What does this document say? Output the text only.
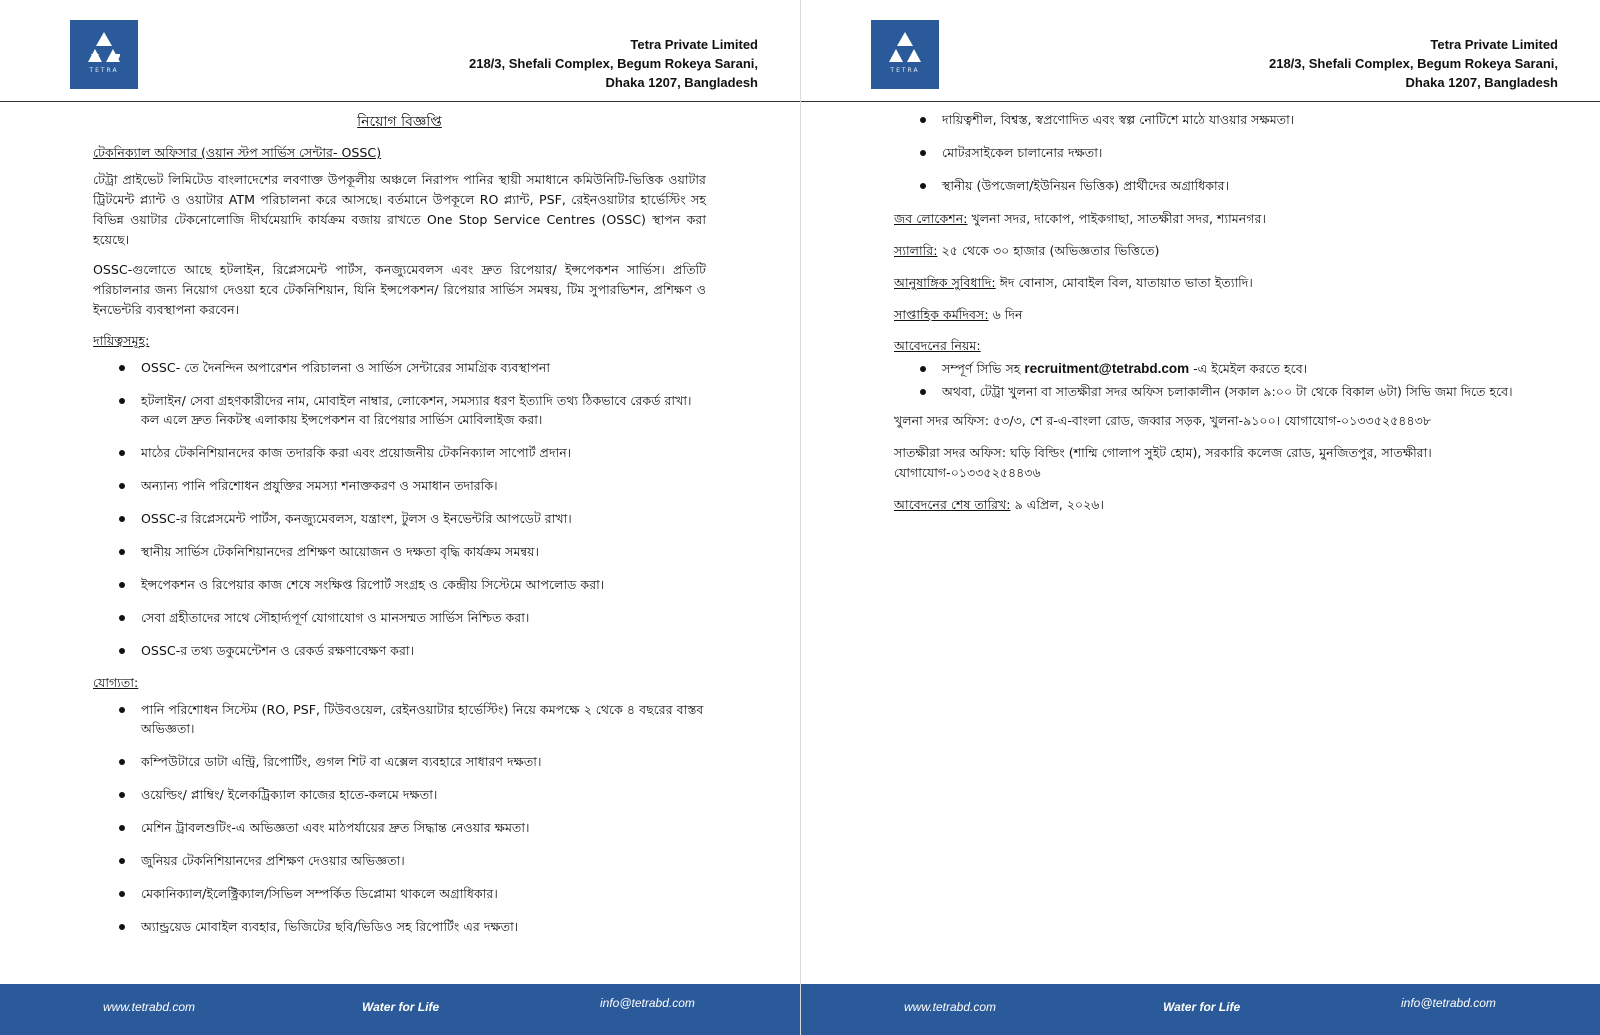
TETRA
Tetra Private Limited
218/3, Shefali Complex, Begum Rokeya Sarani,
Dhaka 1207, Bangladesh
নিয়োগ বিজ্ঞপ্তি
টেকনিক্যাল অফিসার (ওয়ান স্টপ সার্ভিস সেন্টার- OSSC)
টেট্রা প্রাইভেট লিমিটেড বাংলাদেশের লবণাক্ত উপকূলীয় অঞ্চলে নিরাপদ পানির স্থায়ী সমাধানে কমিউনিটি-ভিত্তিক ওয়াটার ট্রিটমেন্ট প্ল্যান্ট ও ওয়াটার ATM পরিচালনা করে আসছে। বর্তমানে উপকূলে RO প্ল্যান্ট, PSF, রেইনওয়াটার হার্ভেস্টিং সহ বিভিন্ন ওয়াটার টেকনোলোজি দীর্ঘমেয়াদি কার্যক্রম বজায় রাখতে One Stop Service Centres (OSSC) স্থাপন করা হয়েছে।
OSSC-গুলোতে আছে হটলাইন, রিপ্লেসমেন্ট পার্টস, কনজ্যুমেবলস এবং দ্রুত রিপেয়ার/ ইন্সপেকশন সার্ভিস। প্রতিটি পরিচালনার জন্য নিয়োগ দেওয়া হবে টেকনিশিয়ান, যিনি ইন্সপেকশন/ রিপেয়ার সার্ভিস সমন্বয়, টিম সুপারভিশন, প্রশিক্ষণ ও ইনভেন্টরি ব্যবস্থাপনা করবেন।
দায়িত্বসমূহ:
OSSC- তে দৈনন্দিন অপারেশন পরিচালনা ও সার্ভিস সেন্টারের সামগ্রিক ব্যবস্থাপনা
হটলাইন/ সেবা গ্রহণকারীদের নাম, মোবাইল নাম্বার, লোকেশন, সমস্যার ধরণ ইত্যাদি তথ্য ঠিকভাবে রেকর্ড রাখা। কল এলে দ্রুত নিকটস্থ এলাকায় ইন্সপেকশন বা রিপেয়ার সার্ভিস মোবিলাইজ করা।
মাঠের টেকনিশিয়ানদের কাজ তদারকি করা এবং প্রয়োজনীয় টেকনিক্যাল সাপোর্ট প্রদান।
অন্যান্য পানি পরিশোধন প্রযুক্তির সমস্যা শনাক্তকরণ ও সমাধান তদারকি।
OSSC-র রিপ্লেসমেন্ট পার্টস, কনজ্যুমেবলস, যন্ত্রাংশ, টুলস ও ইনভেন্টরি আপডেট রাখা।
স্থানীয় সার্ভিস টেকনিশিয়ানদের প্রশিক্ষণ আয়োজন ও দক্ষতা বৃদ্ধি কার্যক্রম সমন্বয়।
ইন্সপেকশন ও রিপেয়ার কাজ শেষে সংক্ষিপ্ত রিপোর্ট সংগ্রহ ও কেন্দ্রীয় সিস্টেমে আপলোড করা।
সেবা গ্রহীতাদের সাথে সৌহার্দ্যপূর্ণ যোগাযোগ ও মানসম্মত সার্ভিস নিশ্চিত করা।
OSSC-র তথ্য ডকুমেন্টেশন ও রেকর্ড রক্ষণাবেক্ষণ করা।
যোগ্যতা:
পানি পরিশোধন সিস্টেম (RO, PSF, টিউবওয়েল, রেইনওয়াটার হার্ভেস্টিং) নিয়ে কমপক্ষে ২ থেকে ৪ বছরের বাস্তব অভিজ্ঞতা।
কম্পিউটারে ডাটা এন্ট্রি, রিপোর্টিং, গুগল শিট বা এক্সেল ব্যবহারে সাধারণ দক্ষতা।
ওয়েল্ডিং/ প্লাম্বিং/ ইলেকট্রিক্যাল কাজের হাতে-কলমে দক্ষতা।
মেশিন ট্রাবলশুটিং-এ অভিজ্ঞতা এবং মাঠপর্যায়ের দ্রুত সিদ্ধান্ত নেওয়ার ক্ষমতা।
জুনিয়র টেকনিশিয়ানদের প্রশিক্ষণ দেওয়ার অভিজ্ঞতা।
মেকানিক্যাল/ইলেক্ট্রিক্যাল/সিভিল সম্পর্কিত ডিপ্লোমা থাকলে অগ্রাধিকার।
অ্যান্ড্রয়েড মোবাইল ব্যবহার, ভিজিটের ছবি/ভিডিও সহ রিপোর্টিং এর দক্ষতা।
www.tetrabd.com	Water for Life	info@tetrabd.com
TETRA
Tetra Private Limited
218/3, Shefali Complex, Begum Rokeya Sarani,
Dhaka 1207, Bangladesh
দায়িত্বশীল, বিশ্বস্ত, স্বপ্রণোদিত এবং স্বল্প নোটিশে মাঠে যাওয়ার সক্ষমতা।
মোটরসাইকেল চালানোর দক্ষতা।
স্থানীয় (উপজেলা/ইউনিয়ন ভিত্তিক) প্রার্থীদের অগ্রাধিকার।
জব লোকেশন: খুলনা সদর, দাকোপ, পাইকগাছা, সাতক্ষীরা সদর, শ্যামনগর।
স্যালারি: ২৫ থেকে ৩০ হাজার (অভিজ্ঞতার ভিত্তিতে)
আনুষাঙ্গিক সুবিধাদি: ঈদ বোনাস, মোবাইল বিল, যাতায়াত ভাতা ইত্যাদি।
সাপ্তাহিক কর্মদিবস: ৬ দিন
আবেদনের নিয়ম:
সম্পূর্ণ সিভি সহ recruitment@tetrabd.com -এ ইমেইল করতে হবে।
অথবা, টেট্রা খুলনা বা সাতক্ষীরা সদর অফিস চলাকালীন (সকাল ৯:০০ টা থেকে বিকাল ৬টা) সিভি জমা দিতে হবে।
খুলনা সদর অফিস: ৫৩/৩, শে র-এ-বাংলা রোড, জব্বার সড়ক, খুলনা-৯১০০। যোগাযোগ-০১৩৩৫২৫৪৪৩৮
সাতক্ষীরা সদর অফিস: ঘড়ি বিল্ডিং (শাম্মি গোলাপ সুইট হোম), সরকারি কলেজ রোড, মুনজিতপুর, সাতক্ষীরা। যোগাযোগ-০১৩৩৫২৫৪৪৩৬
আবেদনের শেষ তারিখ: ৯ এপ্রিল, ২০২৬।
www.tetrabd.com	Water for Life	info@tetrabd.com
